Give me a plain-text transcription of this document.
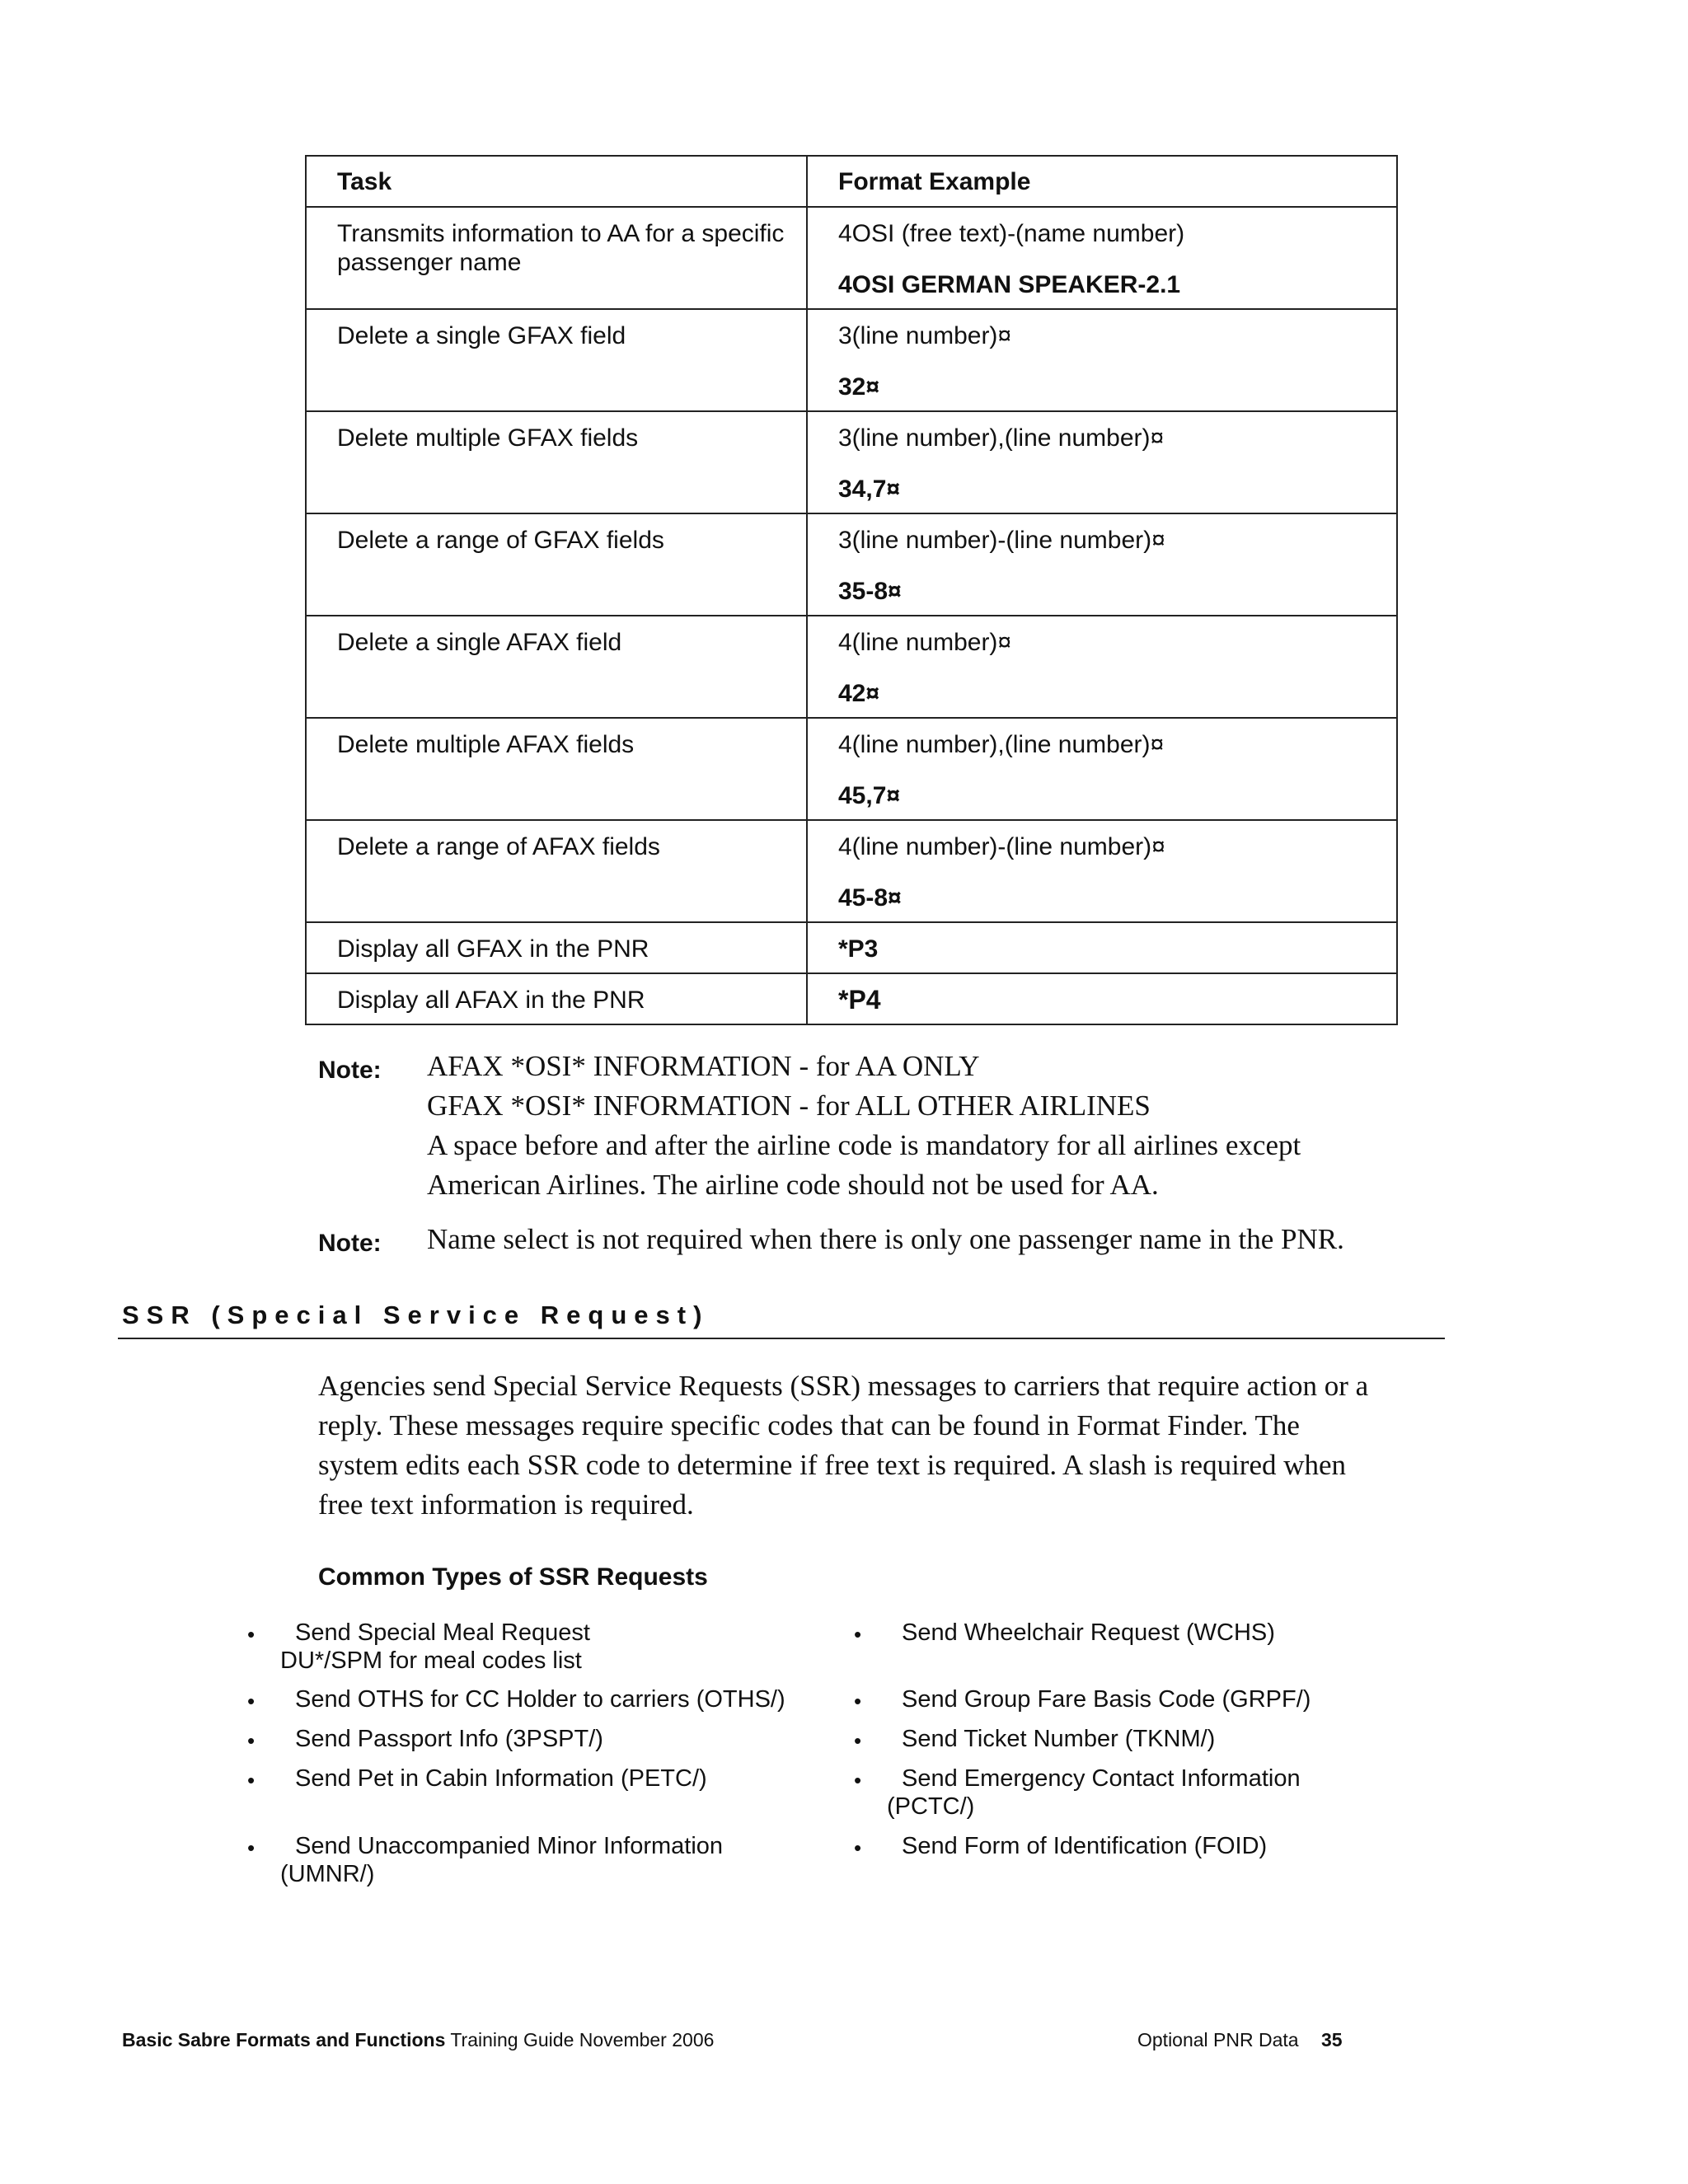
Task	Format Example
Transmits information to AA for a specific passenger name	4OSI (free text)-(name number)
4OSI GERMAN SPEAKER-2.1

Delete a single GFAX field	3(line number)¤
32¤

Delete multiple GFAX fields	3(line number),(line number)¤
34,7¤

Delete a range of GFAX fields	3(line number)-(line number)¤
35-8¤

Delete a single AFAX field	4(line number)¤
42¤

Delete multiple AFAX fields	4(line number),(line number)¤
45,7¤

Delete a range of AFAX fields	4(line number)-(line number)¤
45-8¤

Display all GFAX in the PNR	*P3
Display all AFAX in the PNR	*P4
Note: AFAX *OSI* INFORMATION - for AA ONLY
GFAX *OSI* INFORMATION - for ALL OTHER AIRLINES
A space before and after the airline code is mandatory for all airlines except
American Airlines. The airline code should not be used for AA.
Note: Name select is not required when there is only one passenger name in the PNR.
SSR (Special Service Request)
Agencies send Special Service Requests (SSR) messages to carriers that require action or a
reply. These messages require specific codes that can be found in Format Finder. The
system edits each SSR code to determine if free text is required. A slash is required when
free text information is required.
Common Types of SSR Requests
• Send Special Meal Request
DU*/SPM for meal codes list
• Send OTHS for CC Holder to carriers (OTHS/)
• Send Passport Info (3PSPT/)
• Send Pet in Cabin Information (PETC/)
• Send Unaccompanied Minor Information
(UMNR/)
• Send Wheelchair Request (WCHS)
• Send Group Fare Basis Code (GRPF/)
• Send Ticket Number (TKNM/)
• Send Emergency Contact Information
(PCTC/)
• Send Form of Identification (FOID)
Basic Sabre Formats and Functions Training Guide November 2006	Optional PNR Data 35
